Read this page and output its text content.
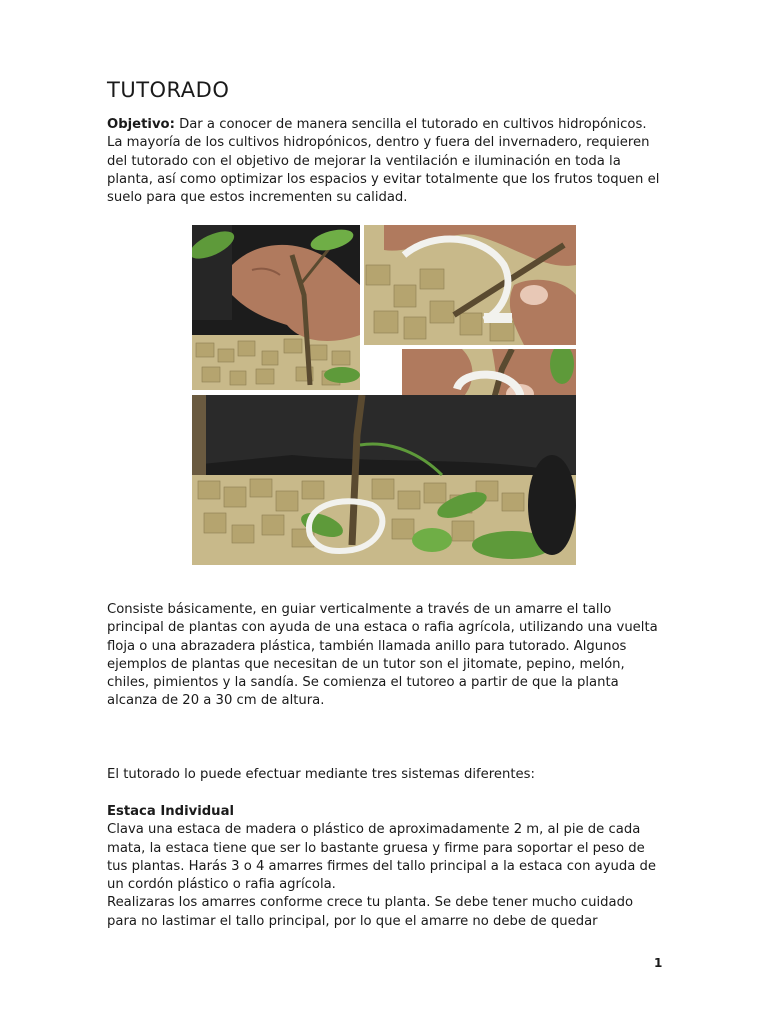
TUTORADO

Objetivo: Dar a conocer de manera sencilla el tutorado en cultivos hidropónicos.
La mayoría de los cultivos hidropónicos, dentro y fuera del invernadero, requieren del tutorado con el objetivo de mejorar la ventilación e iluminación en toda la planta, así como optimizar los espacios y evitar totalmente que los frutos toquen el suelo para que estos incrementen su calidad.

Consiste básicamente, en guiar verticalmente a través de un amarre el tallo principal de plantas con ayuda de una estaca o rafia agrícola, utilizando una vuelta floja o una abrazadera plástica, también llamada anillo para tutorado. Algunos ejemplos de plantas que necesitan de un tutor son el jitomate, pepino, melón, chiles, pimientos y la sandía. Se comienza el tutoreo a partir de que la planta alcanza de 20 a 30 cm de altura.

El tutorado lo puede efectuar mediante tres sistemas diferentes:

Estaca Individual
Clava una estaca de madera o plástico de aproximadamente 2 m, al pie de cada mata, la estaca tiene que ser lo bastante gruesa y firme para soportar el peso de tus plantas. Harás 3 o 4 amarres firmes del tallo principal a la estaca con ayuda de un cordón plástico o rafia agrícola.
Realizaras los amarres conforme crece tu planta. Se debe tener mucho cuidado para no lastimar el tallo principal, por lo que el amarre no debe de quedar

1
